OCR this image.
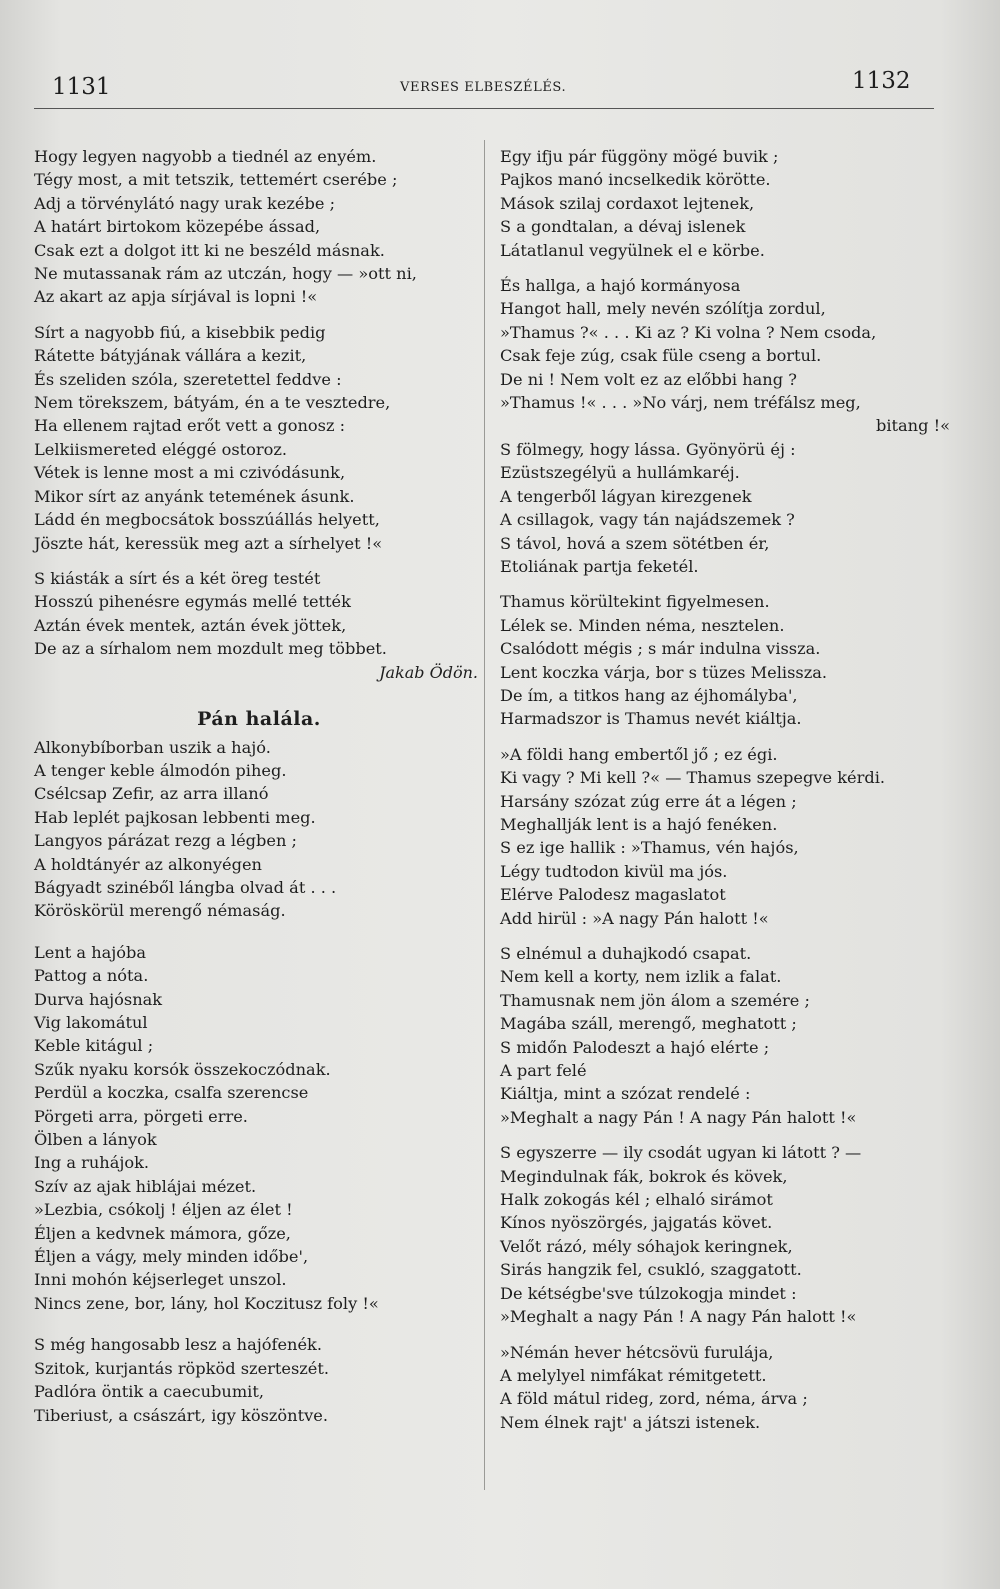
1131	VERSES ELBESZÉLÉS.	1132
Hogy legyen nagyobb a tiednél az enyém.
Tégy most, a mit tetszik, tettemért cserébe ;
Adj a törvénylátó nagy urak kezébe ;
A határt birtokom közepébe ássad,
Csak ezt a dolgot itt ki ne beszéld másnak.
Ne mutassanak rám az utczán, hogy — »ott ni,
Az akart az apja sírjával is lopni !«
Sírt a nagyobb fiú, a kisebbik pedig
Rátette bátyjának vállára a kezit,
És szeliden szóla, szeretettel feddve :
Nem törekszem, bátyám, én a te vesztedre,
Ha ellenem rajtad erőt vett a gonosz :
Lelkiismereted eléggé ostoroz.
Vétek is lenne most a mi czivódásunk,
Mikor sírt az anyánk tetemének ásunk.
Ládd én megbocsátok bosszúállás helyett,
Jöszte hát, keressük meg azt a sírhelyet !«
S kiásták a sírt és a két öreg testét
Hosszú pihenésre egymás mellé tették
Aztán évek mentek, aztán évek jöttek,
De az a sírhalom nem mozdult meg többet.
Jakab Ödön.
Pán halála.
Alkonybíborban uszik a hajó.
A tenger keble álmodón piheg.
Csélcsap Zefir, az arra illanó
Hab leplét pajkosan lebbenti meg.
Langyos párázat rezg a légben ;
A holdtányér az alkonyégen
Bágyadt szinéből lángba olvad át . . .
Köröskörül merengő némaság.
Lent a hajóba
Pattog a nóta.
Durva hajósnak
Vig lakomátul
Keble kitágul ;
Szűk nyaku korsók összekoczódnak.
Perdül a koczka, csalfa szerencse
Pörgeti arra, pörgeti erre.
Ölben a lányok
Ing a ruhájok.
Szív az ajak hiblájai mézet.
»Lezbia, csókolj ! éljen az élet !
Éljen a kedvnek mámora, gőze,
Éljen a vágy, mely minden időbe',
Inni mohón kéjserleget unszol.
Nincs zene, bor, lány, hol Koczitusz foly !«
S még hangosabb lesz a hajófenék.
Szitok, kurjantás röpköd szerteszét.
Padlóra öntik a caecubumit,
Tiberiust, a császárt, igy köszöntve.
Egy ifju pár függöny mögé buvik ;
Pajkos manó incselkedik körötte.
Mások szilaj cordaxot lejtenek,
S a gondtalan, a dévaj islenek
Látatlanul vegyülnek el e körbe.
És hallga, a hajó kormányosa
Hangot hall, mely nevén szólítja zordul,
»Thamus ?« . . . Ki az ? Ki volna ? Nem csoda,
Csak feje zúg, csak füle cseng a bortul.
De ni ! Nem volt ez az előbbi hang ?
»Thamus !« . . . »No várj, nem tréfálsz meg,
bitang !«
S fölmegy, hogy lássa. Gyönyörü éj :
Ezüstszegélyü a hullámkaréj.
A tengerből lágyan kirezgenek
A csillagok, vagy tán najádszemek ?
S távol, hová a szem sötétben ér,
Etoliának partja feketél.
Thamus körültekint figyelmesen.
Lélek se. Minden néma, nesztelen.
Csalódott mégis ; s már indulna vissza.
Lent koczka várja, bor s tüzes Melissza.
De ím, a titkos hang az éjhomályba',
Harmadszor is Thamus nevét kiáltja.
»A földi hang embertől jő ; ez égi.
Ki vagy ? Mi kell ?« — Thamus szepegve kérdi.
Harsány szózat zúg erre át a légen ;
Meghallják lent is a hajó fenéken.
S ez ige hallik : »Thamus, vén hajós,
Légy tudtodon kivül ma jós.
Elérve Palodesz magaslatot
Add hirül : »A nagy Pán halott !«
S elnémul a duhajkodó csapat.
Nem kell a korty, nem izlik a falat.
Thamusnak nem jön álom a szemére ;
Magába száll, merengő, meghatott ;
S midőn Palodeszt a hajó elérte ;
A part felé
Kiáltja, mint a szózat rendelé :
»Meghalt a nagy Pán ! A nagy Pán halott !«
S egyszerre — ily csodát ugyan ki látott ? —
Megindulnak fák, bokrok és kövek,
Halk zokogás kél ; elhaló sirámot
Kínos nyöszörgés, jajgatás követ.
Velőt rázó, mély sóhajok keringnek,
Sirás hangzik fel, csukló, szaggatott.
De kétségbe'sve túlzokogja mindet :
»Meghalt a nagy Pán ! A nagy Pán halott !«
»Némán hever hétcsövü furulája,
A melylyel nimfákat rémitgetett.
A föld mátul rideg, zord, néma, árva ;
Nem élnek rajt' a játszi istenek.
